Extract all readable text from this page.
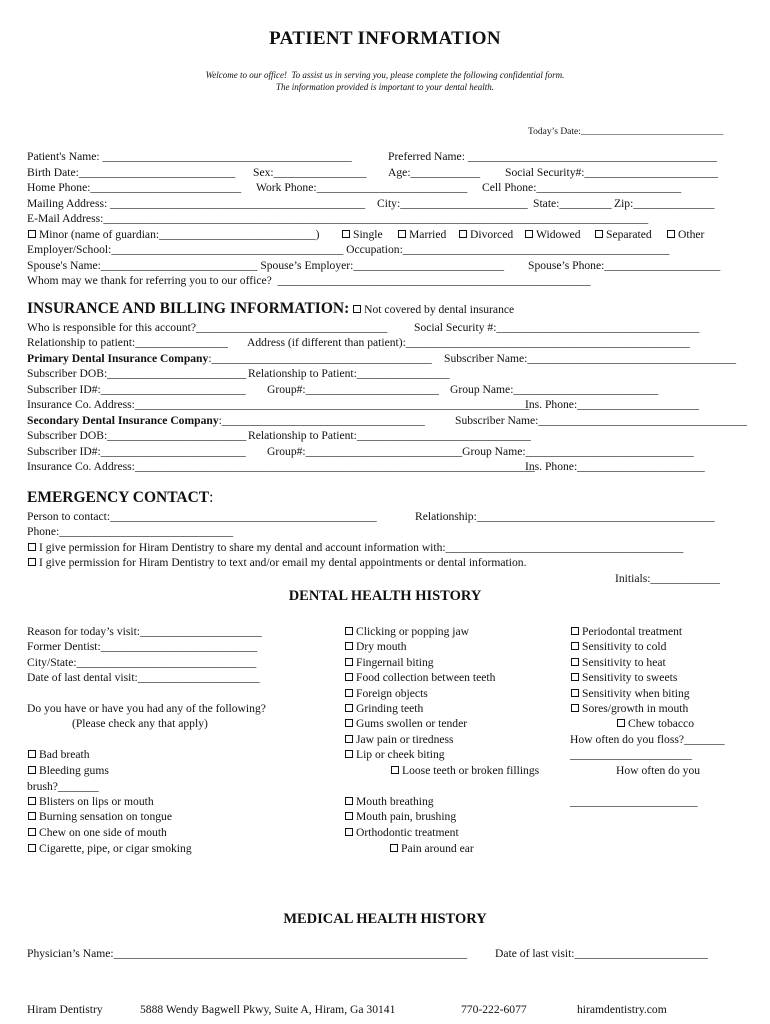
PATIENT INFORMATION
Welcome to our office!  To assist us in serving you, please complete the following confidential form.
The information provided is important to your dental health.
Today’s Date:______________________________
Patient's Name: ___________________________________________	Preferred Name: ___________________________________________
Birth Date:___________________________ Sex:________________ Age:____________ Social Security#:_______________________
Home Phone:__________________________ Work Phone:__________________________ Cell Phone:_________________________
Mailing Address: ____________________________________________ City:______________________ State:_________ Zip:______________
E-Mail Address:______________________________________________________________________________________________
Minor (name of guardian:___________________________)	Single	Married	Divorced	Widowed	Separated	Other
Employer/School:________________________________________ Occupation:______________________________________________
Spouse's Name:___________________________ Spouse’s Employer:__________________________ Spouse’s Phone:____________________
Whom may we thank for referring you to our office?  ______________________________________________________
INSURANCE AND BILLING INFORMATION: Not covered by dental insurance
Who is responsible for this account?_________________________________ Social Security #:___________________________________
Relationship to patient:________________ Address (if different than patient):_________________________________________________
Primary Dental Insurance Company:______________________________________ Subscriber Name:____________________________________
Subscriber DOB:________________________ Relationship to Patient:________________
Subscriber ID#:_________________________ Group#:_______________________ Group Name:_________________________
Insurance Co. Address:____________________________________________________________________
Ins. Phone:_____________________
Secondary Dental Insurance Company:___________________________________	Subscriber Name:____________________________________
Subscriber DOB:________________________ Relationship to Patient:______________________________
Subscriber ID#:_________________________ Group#:___________________________Group Name:_____________________________
Insurance Co. Address:_____________________________________________________________________
Ins. Phone:______________________
EMERGENCY CONTACT:
Person to contact:______________________________________________	Relationship:_________________________________________
Phone:______________________________
I give permission for Hiram Dentistry to share my dental and account information with:_________________________________________
I give permission for Hiram Dentistry to text and/or email my dental appointments or dental information.
Initials:____________
DENTAL HEALTH HISTORY
Reason for today’s visit:_____________________
Former Dentist:___________________________
City/State:_______________________________
Date of last dental visit:_____________________
Do you have or have you had any of the following?
(Please check any that apply)
Bad breath
Bleeding gums
brush?_______
Blisters on lips or mouth
Burning sensation on tongue
Chew on one side of mouth
Cigarette, pipe, or cigar smoking
Clicking or popping jaw
Dry mouth
Fingernail biting
Food collection between teeth
Foreign objects
Grinding teeth
Gums swollen or tender
Jaw pain or tiredness
Lip or cheek biting
Loose teeth or broken fillings
Mouth breathing
Mouth pain, brushing
Orthodontic treatment
Pain around ear
Periodontal treatment
Sensitivity to cold
Sensitivity to heat
Sensitivity to sweets
Sensitivity when biting
Sores/growth in mouth
Chew tobacco
How often do you floss?_______
_____________________
How often do you
______________________
MEDICAL HEALTH HISTORY
Physician’s Name:_____________________________________________________________ Date of last visit:_______________________
Hiram Dentistry	5888 Wendy Bagwell Pkwy, Suite A, Hiram, Ga 30141	770-222-6077	hiramdentistry.com
